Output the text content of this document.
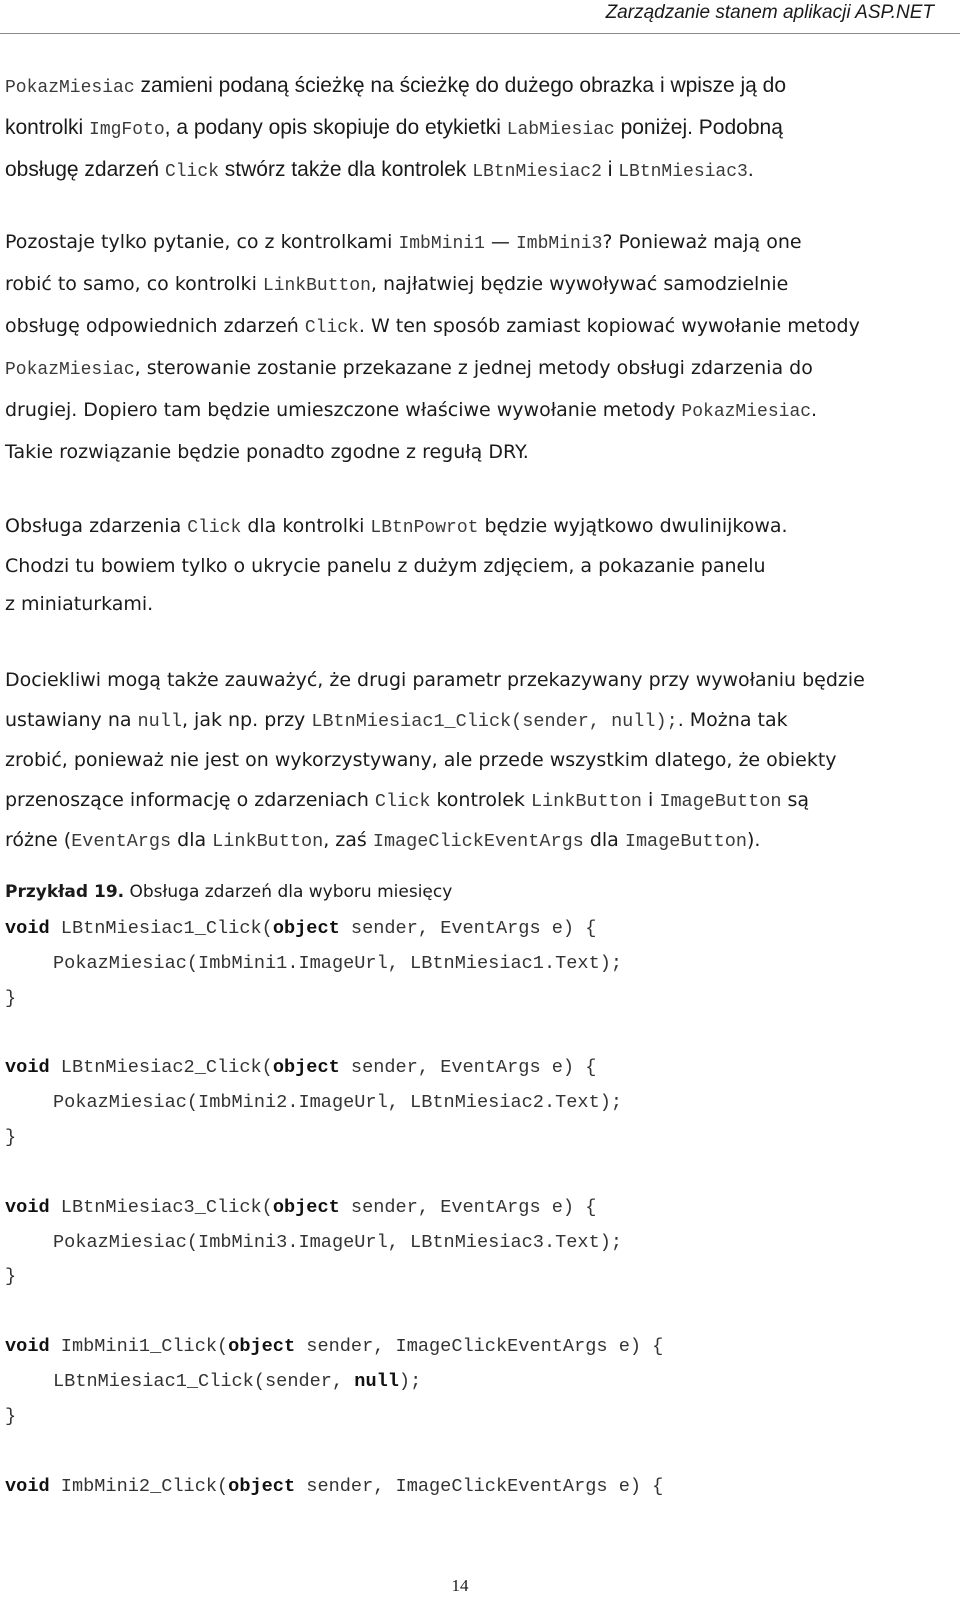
Zarządzanie stanem aplikacji ASP.NET

PokazMiesiac zamieni podaną ścieżkę na ścieżkę do dużego obrazka i wpisze ją do
kontrolki ImgFoto, a podany opis skopiuje do etykietki LabMiesiac poniżej. Podobną
obsługę zdarzeń Click stwórz także dla kontrolek LBtnMiesiac2 i LBtnMiesiac3.

Pozostaje tylko pytanie, co z kontrolkami ImbMini1 — ImbMini3? Ponieważ mają one
robić to samo, co kontrolki LinkButton, najłatwiej będzie wywoływać samodzielnie
obsługę odpowiednich zdarzeń Click. W ten sposób zamiast kopiować wywołanie metody
PokazMiesiac, sterowanie zostanie przekazane z jednej metody obsługi zdarzenia do
drugiej. Dopiero tam będzie umieszczone właściwe wywołanie metody PokazMiesiac.
Takie rozwiązanie będzie ponadto zgodne z regułą DRY.

Obsługa zdarzenia Click dla kontrolki LBtnPowrot będzie wyjątkowo dwulinijkowa.
Chodzi tu bowiem tylko o ukrycie panelu z dużym zdjęciem, a pokazanie panelu
z miniaturkami.

Dociekliwi mogą także zauważyć, że drugi parametr przekazywany przy wywołaniu będzie
ustawiany na null, jak np. przy LBtnMiesiac1_Click(sender, null);. Można tak
zrobić, ponieważ nie jest on wykorzystywany, ale przede wszystkim dlatego, że obiekty
przenoszące informację o zdarzeniach Click kontrolek LinkButton i ImageButton są
różne (EventArgs dla LinkButton, zaś ImageClickEventArgs dla ImageButton).

Przykład 19. Obsługa zdarzeń dla wyboru miesięcy

void LBtnMiesiac1_Click(object sender, EventArgs e) {
PokazMiesiac(ImbMini1.ImageUrl, LBtnMiesiac1.Text);
}

void LBtnMiesiac2_Click(object sender, EventArgs e) {
PokazMiesiac(ImbMini2.ImageUrl, LBtnMiesiac2.Text);
}

void LBtnMiesiac3_Click(object sender, EventArgs e) {
PokazMiesiac(ImbMini3.ImageUrl, LBtnMiesiac3.Text);
}

void ImbMini1_Click(object sender, ImageClickEventArgs e) {
LBtnMiesiac1_Click(sender, null);
}

void ImbMini2_Click(object sender, ImageClickEventArgs e) {
14
